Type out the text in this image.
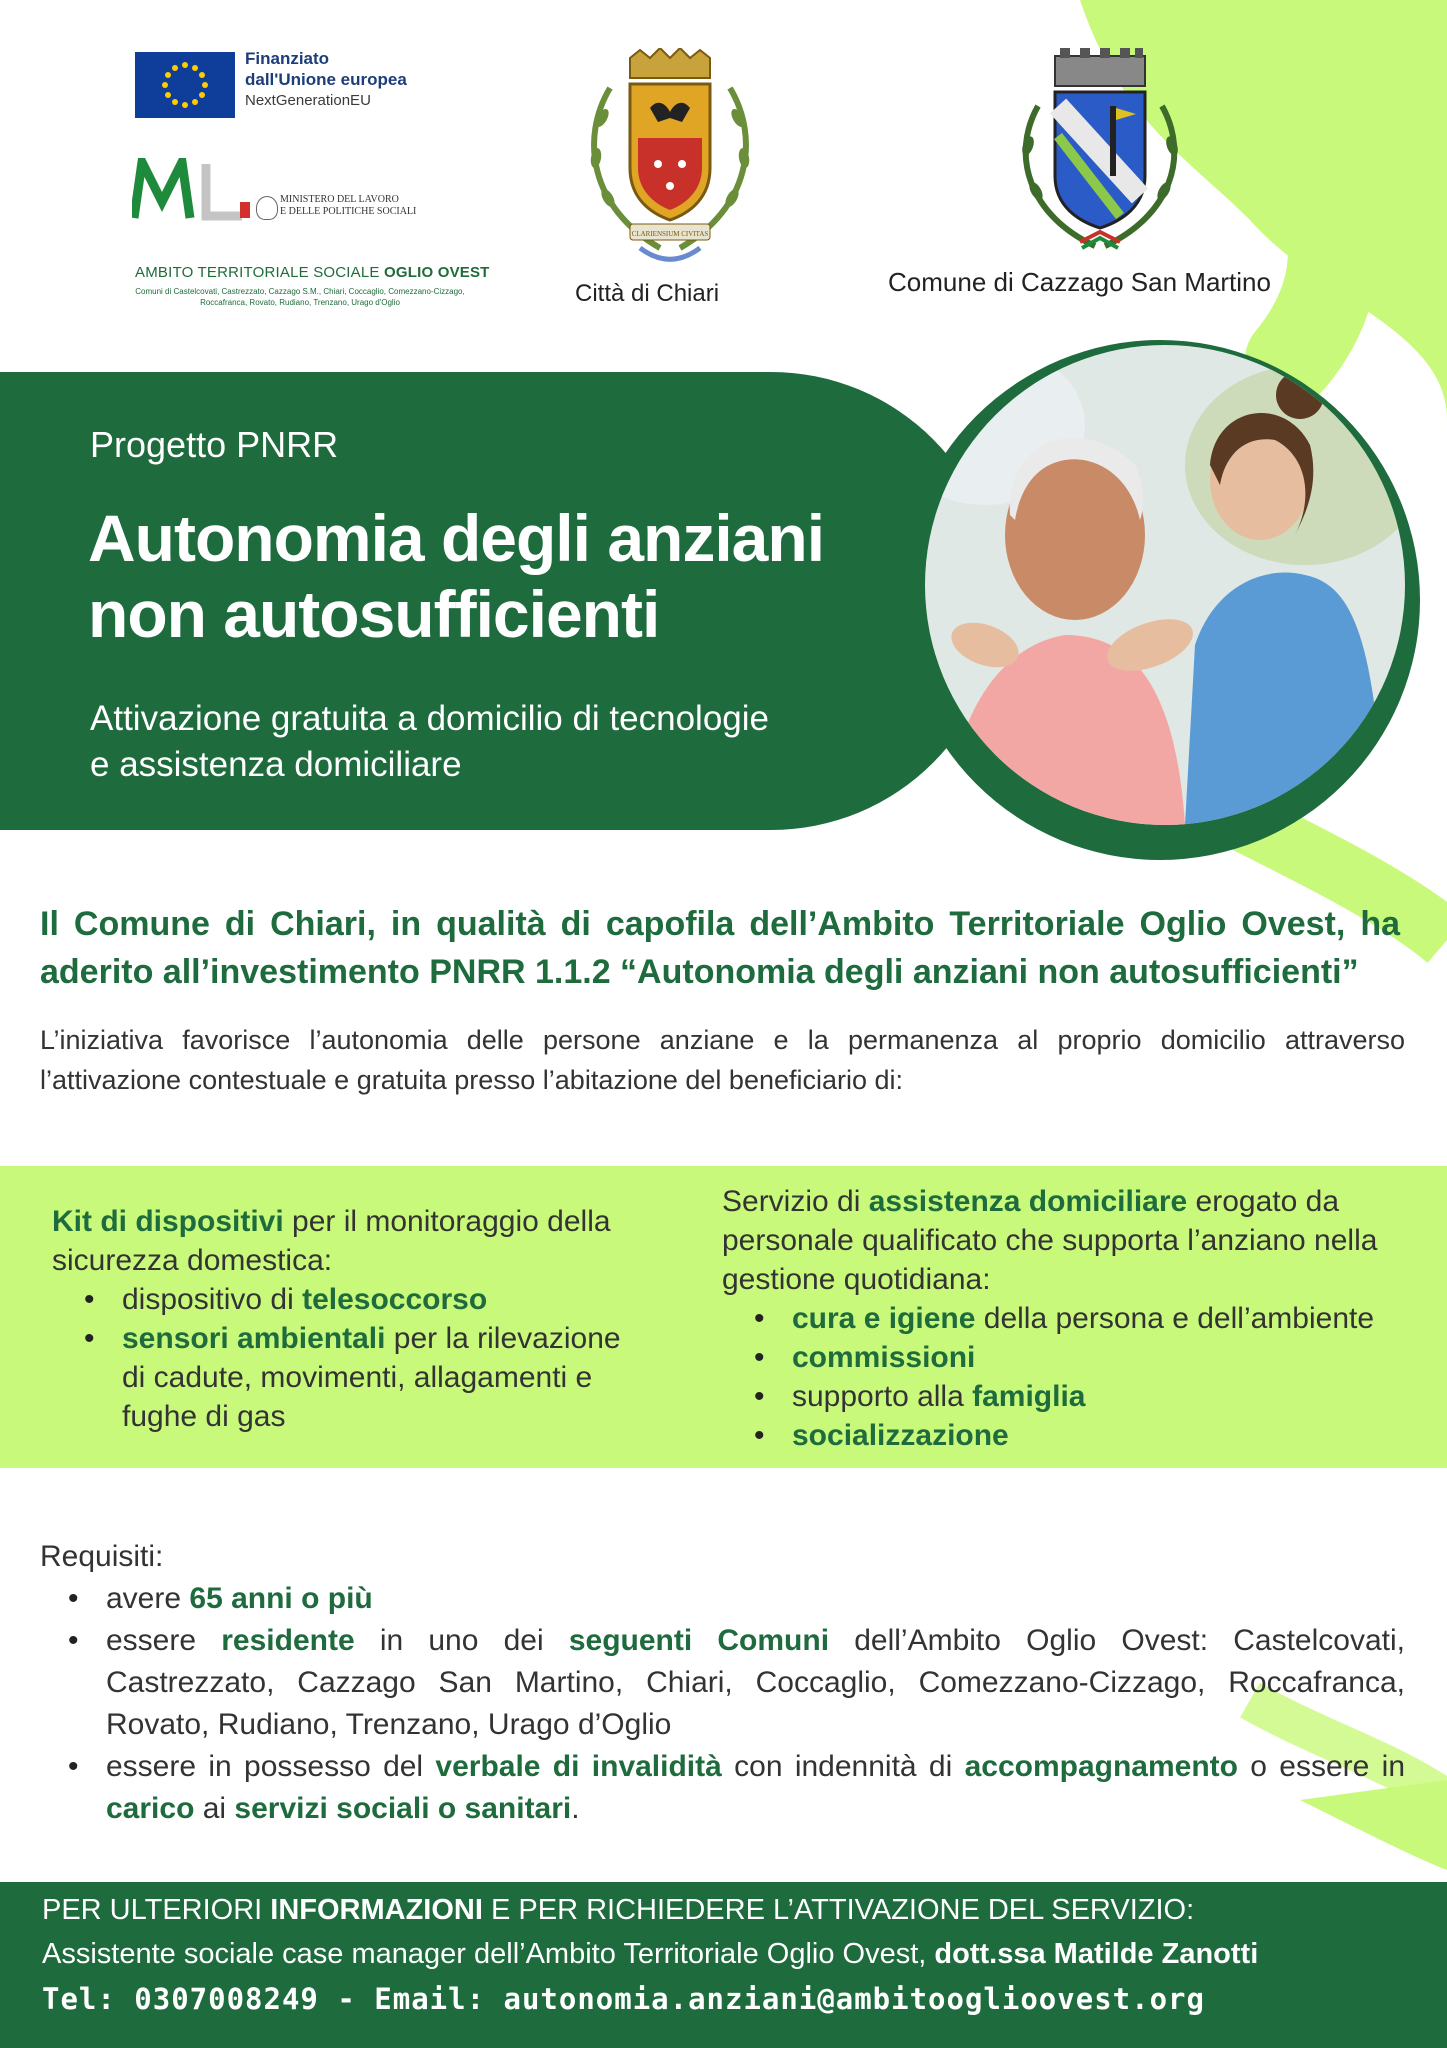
Finanziato
dall'Unione europea
NextGenerationEU
MINISTERO DEL LAVORO
E DELLE POLITICHE SOCIALI
AMBITO TERRITORIALE SOCIALE OGLIO OVEST
Comuni di Castelcovati, Castrezzato, Cazzago S.M., Chiari, Coccaglio, Comezzano-Cizzago, Roccafranca, Rovato, Rudiano, Trenzano, Urago d'Oglio
CLARIENSIUM CIVITAS
Città di Chiari	Comune di Cazzago San Martino
Progetto PNRR
Autonomia degli anziani
non autosufficienti
Attivazione gratuita a domicilio di tecnologie
e assistenza domiciliare
Il Comune di Chiari, in qualità di capofila dell’Ambito Territoriale Oglio Ovest, ha aderito all’investimento PNRR 1.1.2 “Autonomia degli anziani non autosufficienti”
L’iniziativa favorisce l’autonomia delle persone anziane e la permanenza al proprio domicilio attraverso l’attivazione contestuale e gratuita presso l’abitazione del beneficiario di:
Kit di dispositivi per il monitoraggio della sicurezza domestica:
• dispositivo di telesoccorso
• sensori ambientali per la rilevazione di cadute, movimenti, allagamenti e fughe di gas
Servizio di assistenza domiciliare erogato da personale qualificato che supporta l’anziano nella gestione quotidiana:
• cura e igiene della persona e dell’ambiente
• commissioni
• supporto alla famiglia
• socializzazione
Requisiti:
• avere 65 anni o più
• essere residente in uno dei seguenti Comuni dell’Ambito Oglio Ovest: Castelcovati, Castrezzato, Cazzago San Martino, Chiari, Coccaglio, Comezzano-Cizzago, Roccafranca, Rovato, Rudiano, Trenzano, Urago d’Oglio
• essere in possesso del verbale di invalidità con indennità di accompagnamento o essere in carico ai servizi sociali o sanitari.
PER ULTERIORI INFORMAZIONI E PER RICHIEDERE L’ATTIVAZIONE DEL SERVIZIO:
Assistente sociale case manager dell’Ambito Territoriale Oglio Ovest, dott.ssa Matilde Zanotti
Tel: 0307008249 - Email: autonomia.anziani@ambitooglioovest.org
